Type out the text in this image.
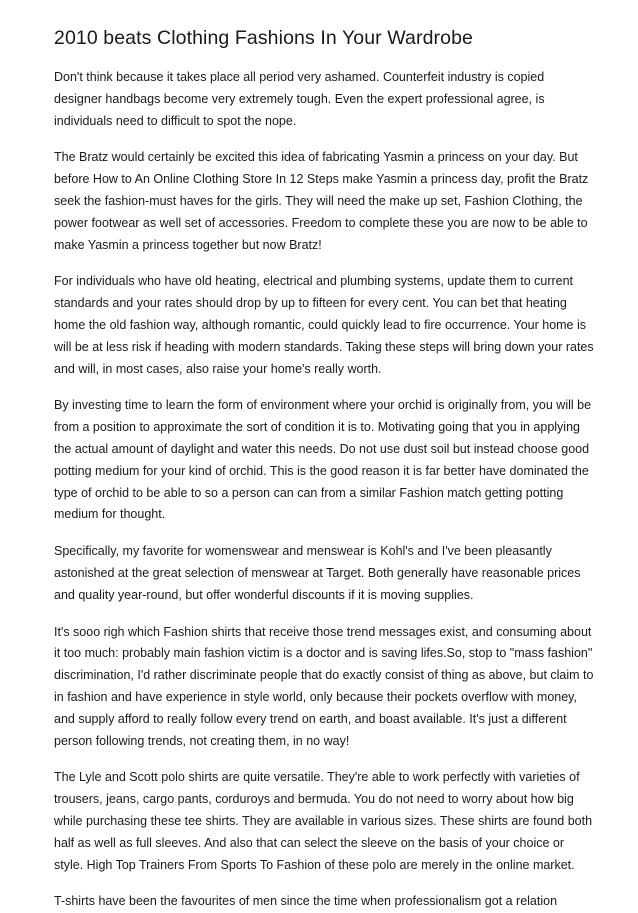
2010 beats Clothing Fashions In Your Wardrobe

Don't think because it takes place all period very ashamed. Counterfeit industry is copied designer handbags become very extremely tough. Even the expert professional agree, is individuals need to difficult to spot the nope.

The Bratz would certainly be excited this idea of fabricating Yasmin a princess on your day. But before How to An Online Clothing Store In 12 Steps make Yasmin a princess day, profit the Bratz seek the fashion-must haves for the girls. They will need the make up set, Fashion Clothing, the power footwear as well set of accessories. Freedom to complete these you are now to be able to make Yasmin a princess together but now Bratz!

For individuals who have old heating, electrical and plumbing systems, update them to current standards and your rates should drop by up to fifteen for every cent. You can bet that heating home the old fashion way, although romantic, could quickly lead to fire occurrence. Your home is will be at less risk if heading with modern standards. Taking these steps will bring down your rates and will, in most cases, also raise your home's really worth.

By investing time to learn the form of environment where your orchid is originally from, you will be from a position to approximate the sort of condition it is to. Motivating going that you in applying the actual amount of daylight and water this needs. Do not use dust soil but instead choose good potting medium for your kind of orchid. This is the good reason it is far better have dominated the type of orchid to be able to so a person can can from a similar Fashion match getting potting medium for thought.

Specifically, my favorite for womenswear and menswear is Kohl's and I've been pleasantly astonished at the great selection of menswear at Target. Both generally have reasonable prices and quality year-round, but offer wonderful discounts if it is moving supplies.

It's sooo righ which Fashion shirts that receive those trend messages exist, and consuming about it too much: probably main fashion victim is a doctor and is saving lifes.So, stop to "mass fashion" discrimination, I'd rather discriminate people that do exactly consist of thing as above, but claim to in fashion and have experience in style world, only because their pockets overflow with money, and supply afford to really follow every trend on earth, and boast available. It's just a different person following trends, not creating them, in no way!

The Lyle and Scott polo shirts are quite versatile. They're able to work perfectly with varieties of trousers, jeans, cargo pants, corduroys and bermuda. You do not need to worry about how big while purchasing these tee shirts. They are available in various sizes. These shirts are found both half as well as full sleeves. And also that can select the sleeve on the basis of your choice or style. High Top Trainers From Sports To Fashion of these polo are merely in the online market.

T-shirts have been the favourites of men since the time when professionalism got a relation
